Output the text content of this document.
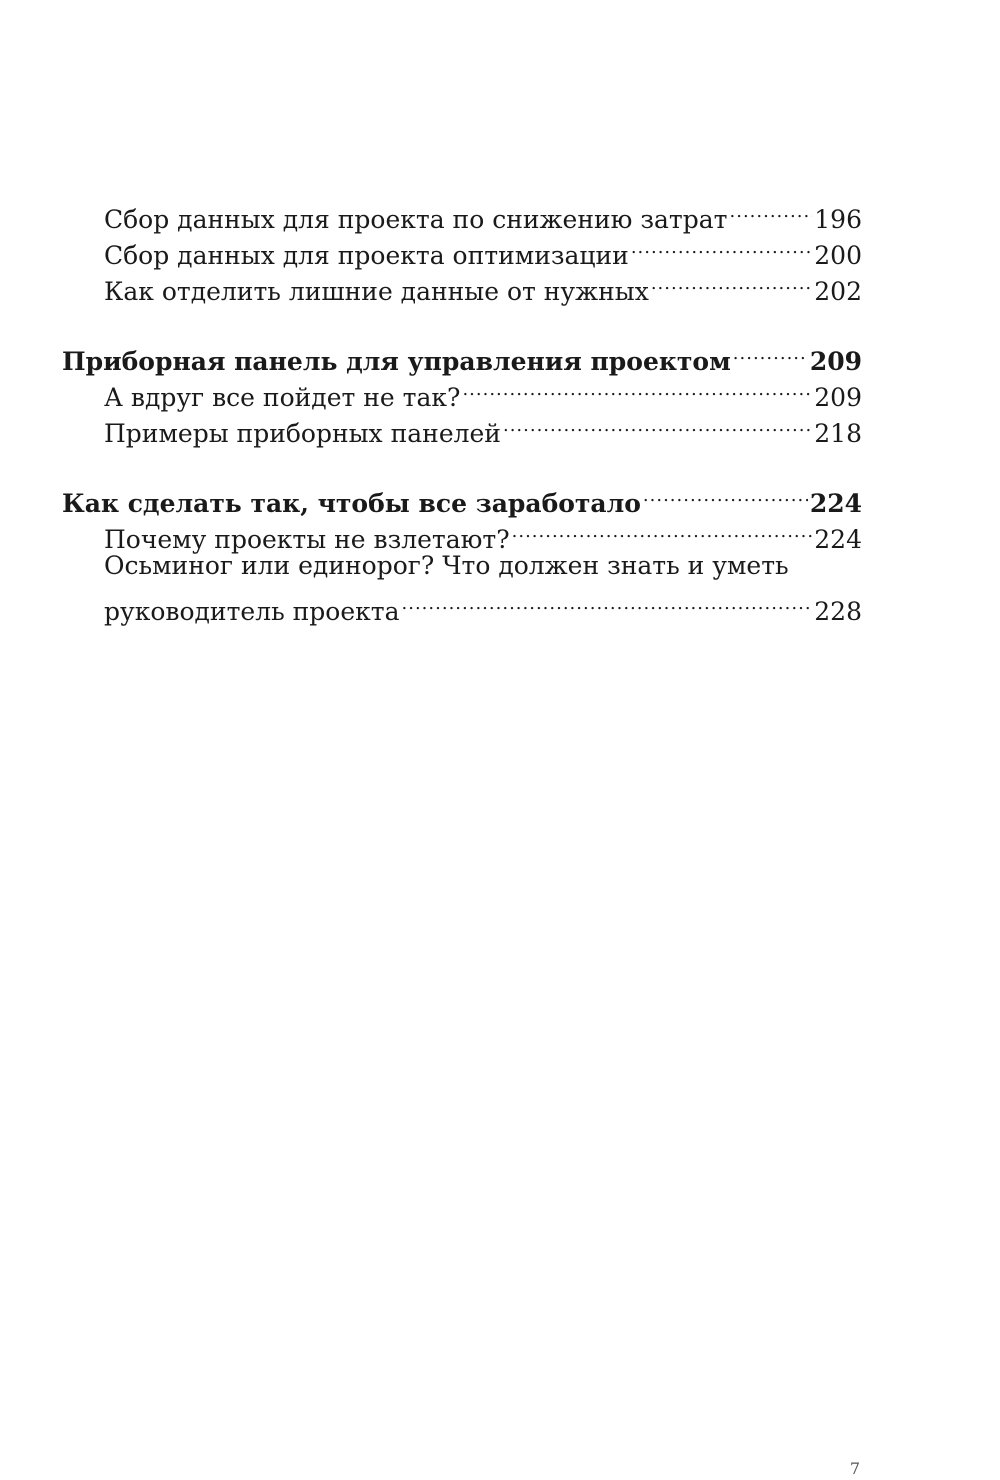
Сбор данных для проекта по снижению затрат .....	196
Сбор данных для проекта оптимизации .....	200
Как отделить лишние данные от нужных .....	202
Приборная панель для управления проектом .....	209
А вдруг все пойдет не так? .....	209
Примеры приборных панелей .....	218
Как сделать так, чтобы все заработало .....	224
Почему проекты не взлетают? .....	224
Осьминог или единорог? Что должен знать и уметь
руководитель проекта .....	228
7
